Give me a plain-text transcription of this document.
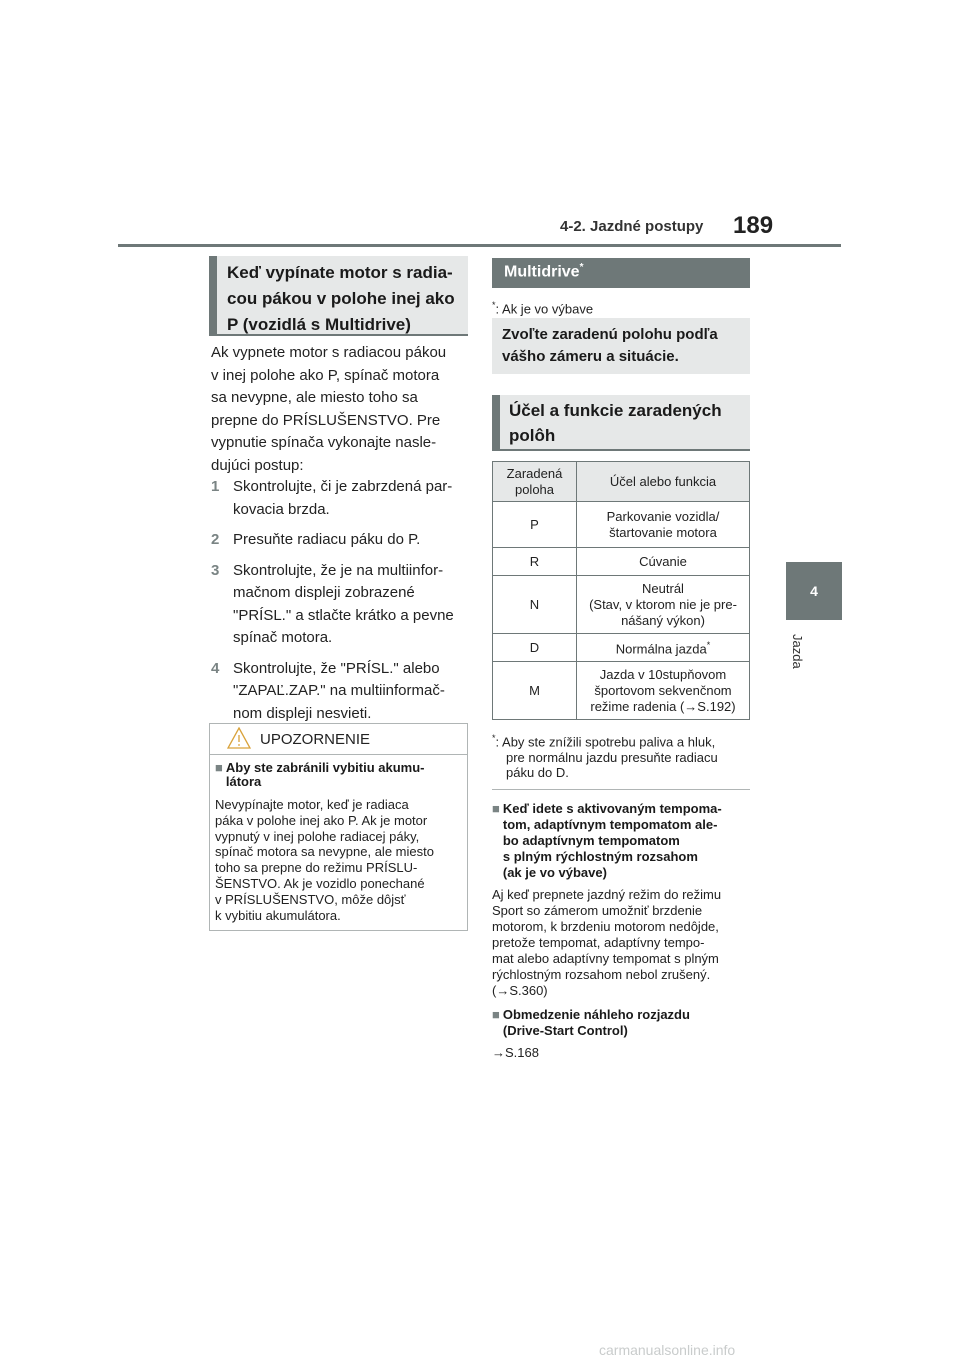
4-2. Jazdné postupy 189
4
Jazda
Keď vypínate motor s radia-
cou pákou v polohe inej ako
P (vozidlá s Multidrive)
Ak vypnete motor s radiacou pákou
v inej polohe ako P, spínač motora
sa nevypne, ale miesto toho sa
prepne do PRÍSLUŠENSTVO. Pre
vypnutie spínača vykonajte nasle-
dujúci postup:
1 Skontrolujte, či je zabrzdená par-
kovacia brzda.
2 Presuňte radiacu páku do P.
3 Skontrolujte, že je na multiinfor-
mačnom displeji zobrazené
"PRÍSL." a stlačte krátko a pevne
spínač motora.
4 Skontrolujte, že "PRÍSL." alebo
"ZAPAĽ.ZAP." na multiinformač-
nom displeji nesvieti.
UPOZORNENIE
■ Aby ste zabránili vybitiu akumu-
látora
Nevypínajte motor, keď je radiaca
páka v polohe inej ako P. Ak je motor
vypnutý v inej polohe radiacej páky,
spínač motora sa nevypne, ale miesto
toho sa prepne do režimu PRÍSLU-
ŠENSTVO. Ak je vozidlo ponechané
v PRÍSLUŠENSTVO, môže dôjsť
k vybitiu akumulátora.
Multidrive*
*: Ak je vo výbave
Zvoľte zaradenú polohu podľa
vášho zámeru a situácie.
Účel a funkcie zaradených
polôh
Zaradená
poloha	Účel alebo funkcia
P	Parkovanie vozidla/
štartovanie motora

R	Cúvanie

N	Neutrál
(Stav, v ktorom nie je pre-
nášaný výkon)

D	Normálna jazda*
M	Jazda v 10stupňovom
športovom sekvenčnom
režime radenia (→S.192)
*: Aby ste znížili spotrebu paliva a hluk,
pre normálnu jazdu presuňte radiacu
páku do D.
■ Keď idete s aktivovaným tempoma-
tom, adaptívnym tempomatom ale-
bo adaptívnym tempomatom
s plným rýchlostným rozsahom
(ak je vo výbave)
Aj keď prepnete jazdný režim do režimu
Sport so zámerom umožniť brzdenie
motorom, k brzdeniu motorom nedôjde,
pretože tempomat, adaptívny tempo-
mat alebo adaptívny tempomat s plným
rýchlostným rozsahom nebol zrušený.
(→S.360)
■ Obmedzenie náhleho rozjazdu
(Drive-Start Control)
→S.168
carmanualsonline.info
